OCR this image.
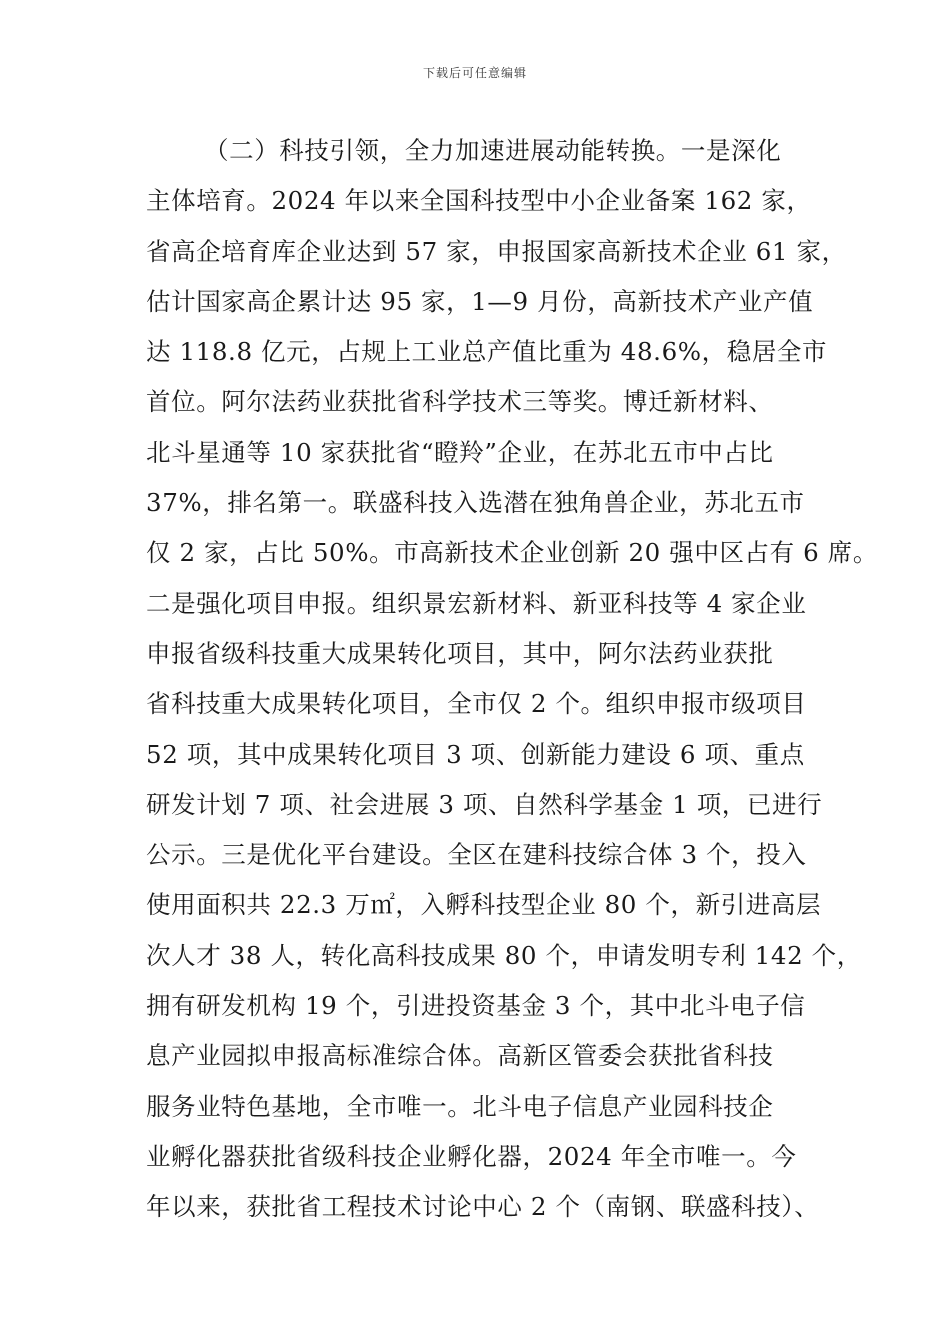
下载后可任意编辑
（二）科技引领，全力加速进展动能转换。一是深化
主体培育。2024 年以来全国科技型中小企业备案 162 家，
省高企培育库企业达到 57 家，申报国家高新技术企业 61 家，
估计国家高企累计达 95 家，1—9 月份，高新技术产业产值
达 118.8 亿元，占规上工业总产值比重为 48.6%，稳居全市
首位。阿尔法药业获批省科学技术三等奖。博迁新材料、
北斗星通等 10 家获批省“瞪羚”企业，在苏北五市中占比
37%，排名第一。联盛科技入选潜在独角兽企业，苏北五市
仅 2 家，占比 50%。市高新技术企业创新 20 强中区占有 6 席。
二是强化项目申报。组织景宏新材料、新亚科技等 4 家企业
申报省级科技重大成果转化项目，其中，阿尔法药业获批
省科技重大成果转化项目，全市仅 2 个。组织申报市级项目
52 项，其中成果转化项目 3 项、创新能力建设 6 项、重点
研发计划 7 项、社会进展 3 项、自然科学基金 1 项，已进行
公示。三是优化平台建设。全区在建科技综合体 3 个，投入
使用面积共 22.3 万㎡，入孵科技型企业 80 个，新引进高层
次人才 38 人，转化高科技成果 80 个，申请发明专利 142 个，
拥有研发机构 19 个，引进投资基金 3 个，其中北斗电子信
息产业园拟申报高标准综合体。高新区管委会获批省科技
服务业特色基地，全市唯一。北斗电子信息产业园科技企
业孵化器获批省级科技企业孵化器，2024 年全市唯一。今
年以来，获批省工程技术讨论中心 2 个（南钢、联盛科技）、
